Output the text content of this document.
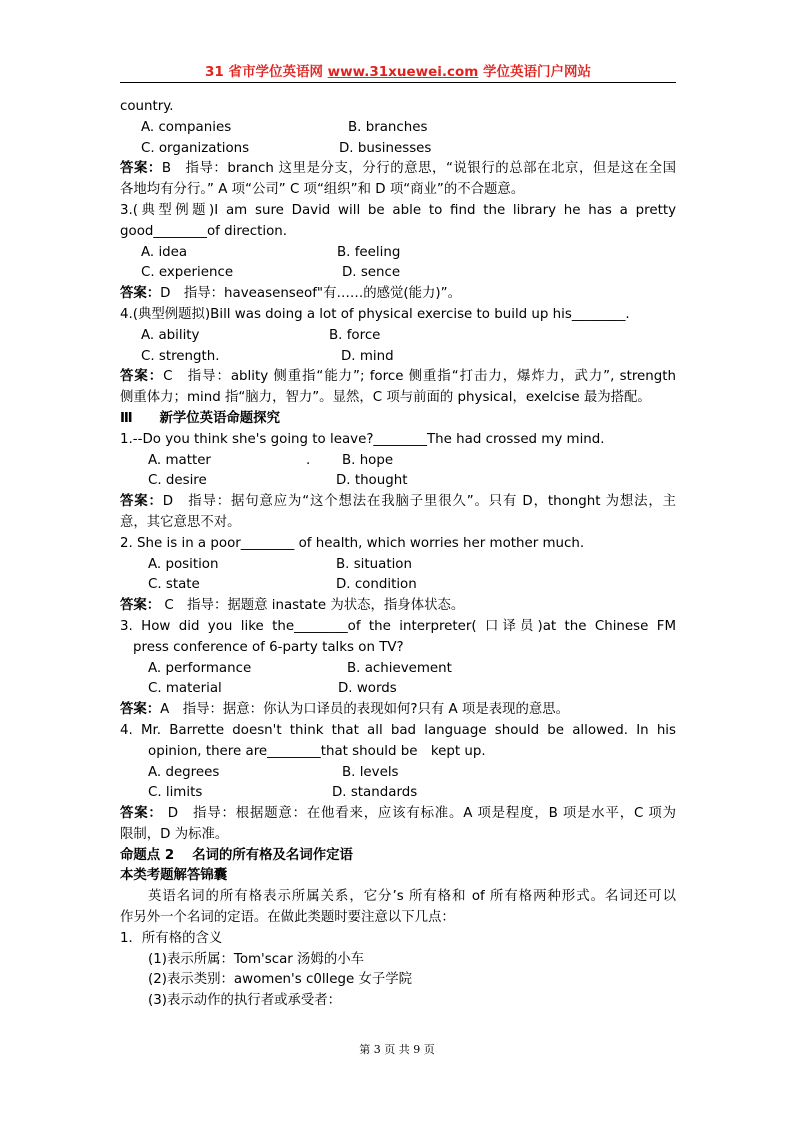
31 省市学位英语网 www.31xuewei.com 学位英语门户网站
country.
A. companies	B. branches
C. organizations	D. businesses
答案：B　指导：branch 这里是分支，分行的意思，“说银行的总部在北京，但是这在全国
各地均有分行。” A 项“公司” C 项“组织”和 D 项“商业”的不合题意。
3.(典型例题)I am sure David will be able to find the library he has a pretty
good________of direction.
A. idea	B. feeling
C. experience	D. sence
答案：D　指导：haveasenseof"有……的感觉(能力)”。
4.(典型例题拟)Bill was doing a lot of physical exercise to build up his________.
A. ability	B. force
C. strength.	D. mind
答案：C　指导：ablity 侧重指“能力”; force 侧重指“打击力，爆炸力，武力”, strength
侧重体力；mind 指“脑力，智力”。显然，C 项与前面的 physical，exelcise 最为搭配。
Ⅲ　　新学位英语命题探究
1.--Do you think she's going to leave?________The had crossed my mind.
A. matter	. B. hope
C. desire	D. thought
答案：D　指导：据句意应为“这个想法在我脑子里很久”。只有 D，thonght 为想法，主
意，其它意思不对。
2. She is in a poor________ of health, which worries her mother much.
A. position	B. situation
C. state	D. condition
答案： C　指导：据题意 inastate 为状态，指身体状态。
3. How did you like the________of the interpreter( 口译员)at the Chinese FM
press conference of 6-party talks on TV?
A. performance	B. achievement
C. material	D. words
答案：A　指导：据意：你认为口译员的表现如何?只有 A 项是表现的意思。
4. Mr. Barrette doesn't think that all bad language should be allowed. In his
opinion, there are________that should be　kept up.
A. degrees	B. levels
C. limits	D. standards
答案： D　指导：根据题意：在他看来，应该有标准。A 项是程度，B 项是水平，C 项为
限制，D 为标准。
命题点 2　 名词的所有格及名词作定语
本类考题解答锦囊
英语名词的所有格表示所属关系，它分’s 所有格和 of 所有格两种形式。名词还可以
作另外一个名词的定语。在做此类题时要注意以下几点：
1．所有格的含义
(1)表示所属：Tom'scar 汤姆的小车
(2)表示类别：awomen's c0llege 女子学院
(3)表示动作的执行者或承受者：
第 3 页 共 9 页
